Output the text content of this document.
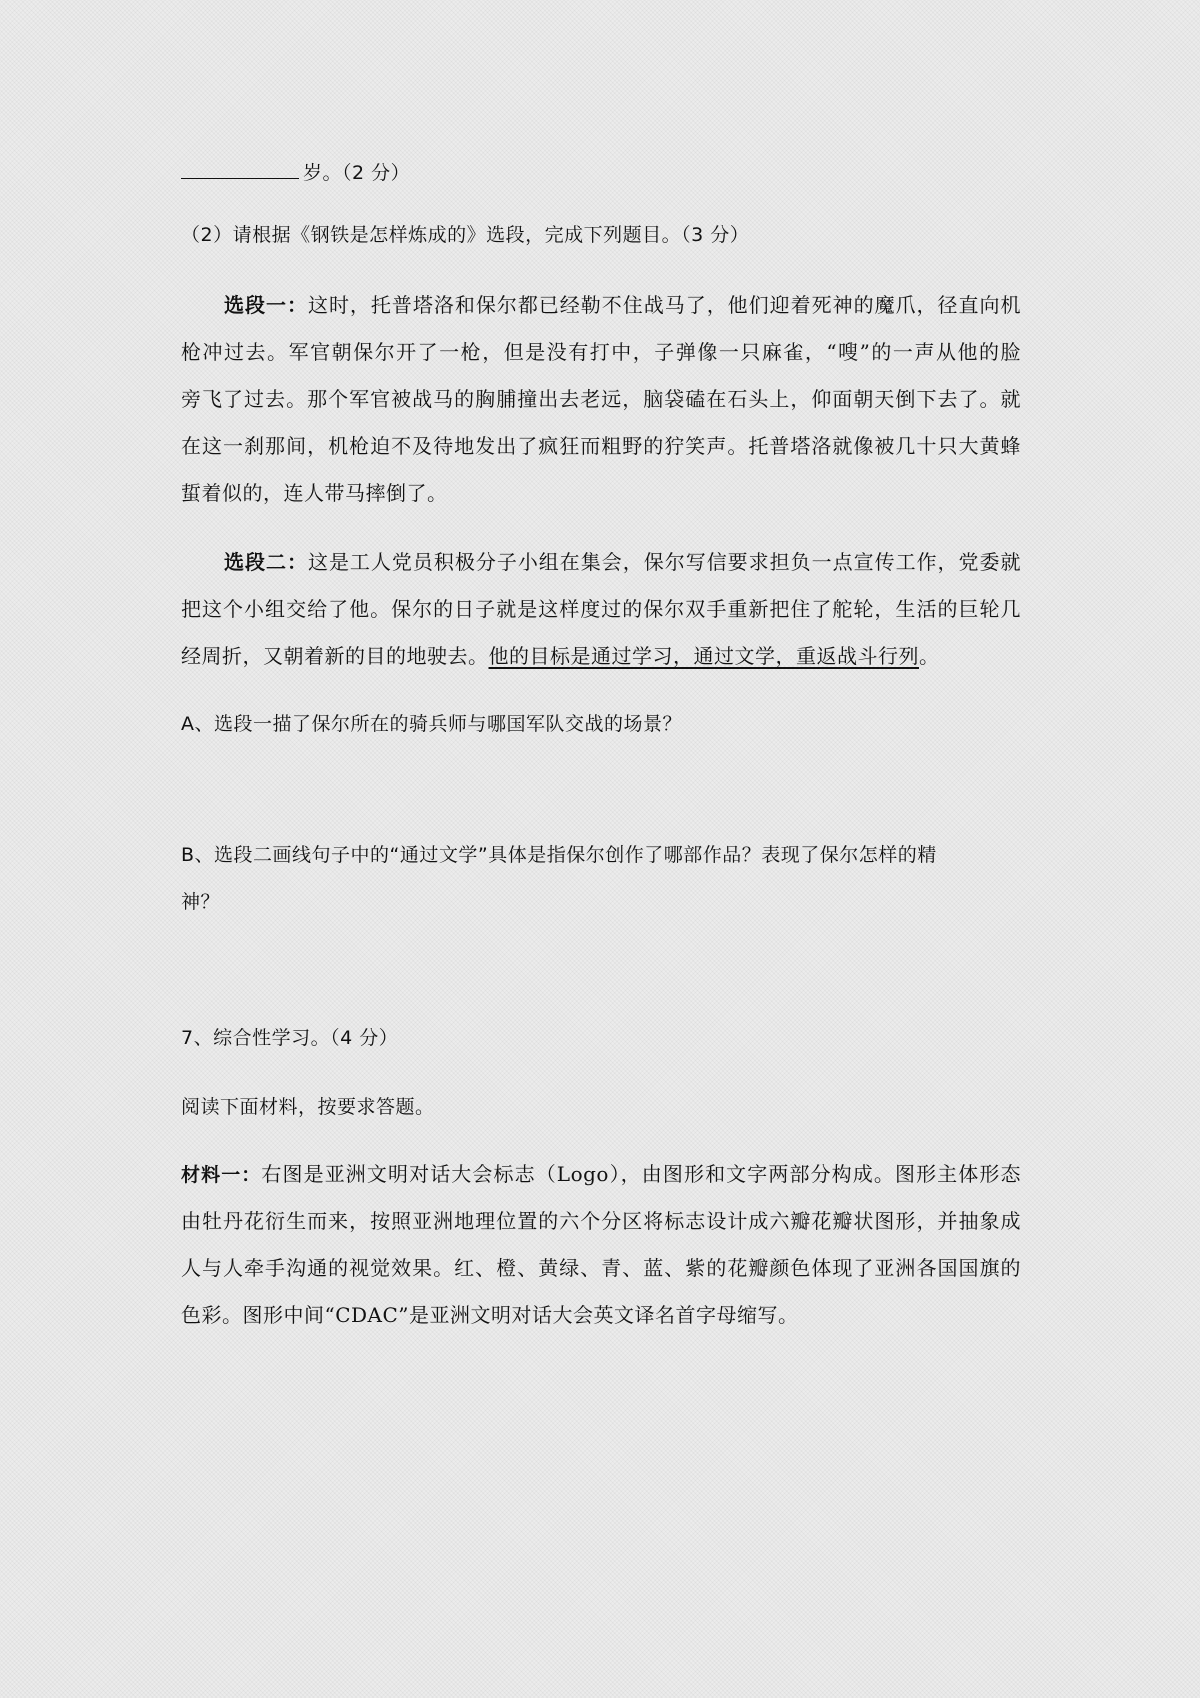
岁。（2 分）
（2）请根据《钢铁是怎样炼成的》选段，完成下列题目。（3 分）
选段一：这时，托普塔洛和保尔都已经勒不住战马了，他们迎着死神的魔爪，径直向机
枪冲过去。军官朝保尔开了一枪，但是没有打中，子弹像一只麻雀，“嗖”的一声从他的脸
旁飞了过去。那个军官被战马的胸脯撞出去老远，脑袋磕在石头上，仰面朝天倒下去了。就
在这一刹那间，机枪迫不及待地发出了疯狂而粗野的狞笑声。托普塔洛就像被几十只大黄蜂
蜇着似的，连人带马摔倒了。
选段二：这是工人党员积极分子小组在集会，保尔写信要求担负一点宣传工作，党委就
把这个小组交给了他。保尔的日子就是这样度过的保尔双手重新把住了舵轮，生活的巨轮几
经周折，又朝着新的目的地驶去。他的目标是通过学习，通过文学，重返战斗行列。
A、选段一描了保尔所在的骑兵师与哪国军队交战的场景？
B、选段二画线句子中的“通过文学”具体是指保尔创作了哪部作品？表现了保尔怎样的精
神？
7、综合性学习。（4 分）
阅读下面材料，按要求答题。
材料一：右图是亚洲文明对话大会标志（Logo），由图形和文字两部分构成。图形主体形态
由牡丹花衍生而来，按照亚洲地理位置的六个分区将标志设计成六瓣花瓣状图形，并抽象成
人与人牵手沟通的视觉效果。红、橙、黄绿、青、蓝、紫的花瓣颜色体现了亚洲各国国旗的
色彩。图形中间“CDAC”是亚洲文明对话大会英文译名首字母缩写。
